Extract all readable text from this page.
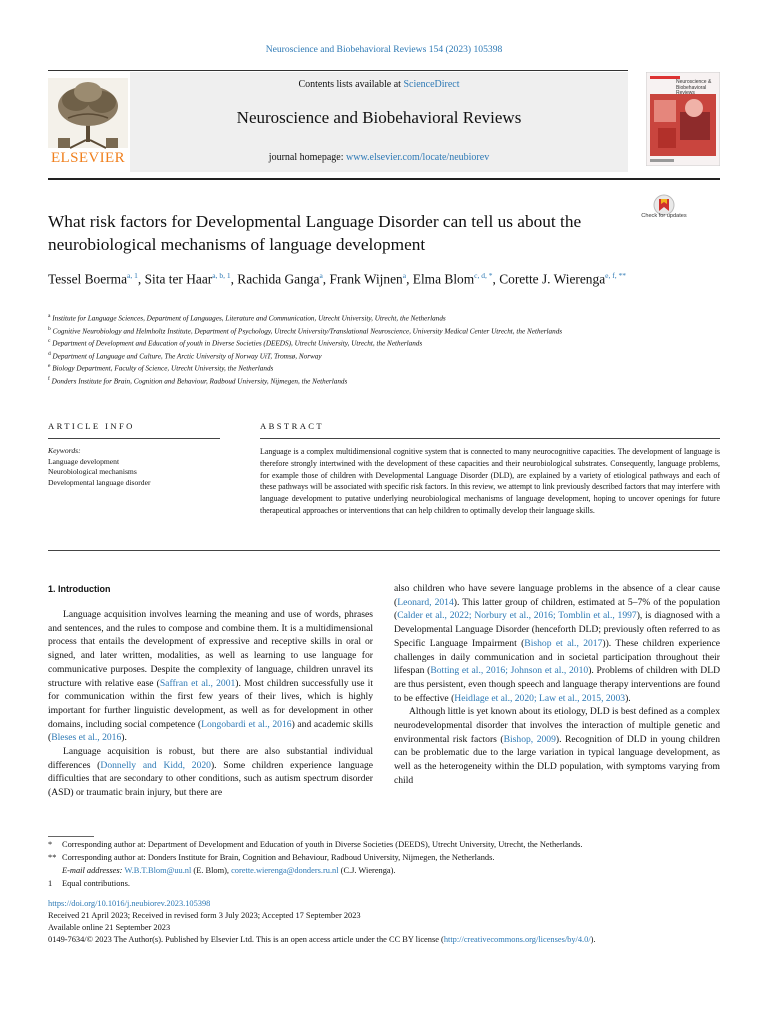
Neuroscience and Biobehavioral Reviews 154 (2023) 105398
ELSEVIER
Contents lists available at ScienceDirect
Neuroscience and Biobehavioral Reviews
journal homepage: www.elsevier.com/locate/neubiorev
Neuroscience & Biobehavioral Reviews
What risk factors for Developmental Language Disorder can tell us about the neurobiological mechanisms of language development
Check for updates
Tessel Boerma$^{a, 1}$, Sita ter Haar$^{a, b, 1}$, Rachida Ganga$^a$, Frank Wijnen$^a$, Elma Blom$^{c, d, *}$, Corette J. Wierenga$^{e, f, **}$
$^a$ Institute for Language Sciences, Department of Languages, Literature and Communication, Utrecht University, Utrecht, the Netherlands
$^b$ Cognitive Neurobiology and Helmholtz Institute, Department of Psychology, Utrecht University/Translational Neuroscience, University Medical Center Utrecht, the Netherlands
$^c$ Department of Development and Education of youth in Diverse Societies (DEEDS), Utrecht University, Utrecht, the Netherlands
$^d$ Department of Language and Culture, The Arctic University of Norway UiT, Tromsø, Norway
$^e$ Biology Department, Faculty of Science, Utrecht University, the Netherlands
$^f$ Donders Institute for Brain, Cognition and Behaviour, Radboud University, Nijmegen, the Netherlands
ARTICLE INFO
Keywords:
Language development
Neurobiological mechanisms
Developmental language disorder
ABSTRACT
Language is a complex multidimensional cognitive system that is connected to many neurocognitive capacities. The development of language is therefore strongly intertwined with the development of these capacities and their neurobiological substrates. Consequently, language problems, for example those of children with Developmental Language Disorder (DLD), are explained by a variety of etiological pathways and each of these pathways will be associated with specific risk factors. In this review, we attempt to link previously described factors that may interfere with language development to putative underlying neurobiological mechanisms of language development, hoping to uncover openings for future therapeutical approaches or interventions that can help children to optimally develop their language skills.
1. Introduction

Language acquisition involves learning the meaning and use of words, phrases and sentences, and the rules to compose and combine them. It is a multidimensional process that entails the development of expressive and receptive skills in oral or signed, and later written, modalities, as well as learning to use language for communicative purposes. Despite the complexity of language, children unravel its structure with relative ease (Saffran et al., 2001). Most children successfully use it for communication within the first few years of their lives, which is highly important for further linguistic development, as well as for development in other domains, including social competence (Longobardi et al., 2016) and academic skills (Bleses et al., 2016).

Language acquisition is robust, but there are also substantial individual differences (Donnelly and Kidd, 2020). Some children experience language difficulties that are secondary to other conditions, such as autism spectrum disorder (ASD) or traumatic brain injury, but there are

also children who have severe language problems in the absence of a clear cause (Leonard, 2014). This latter group of children, estimated at 5–7% of the population (Calder et al., 2022; Norbury et al., 2016; Tomblin et al., 1997), is diagnosed with a Developmental Language Disorder (henceforth DLD; previously often referred to as Specific Language Impairment (Bishop et al., 2017)). These children experience challenges in daily communication and in societal participation throughout their lifespan (Botting et al., 2016; Johnson et al., 2010). Problems of children with DLD are thus persistent, even though speech and language therapy interventions are found to be effective (Heidlage et al., 2020; Law et al., 2015, 2003).

Although little is yet known about its etiology, DLD is best defined as a complex neurodevelopmental disorder that involves the interaction of multiple genetic and environmental risk factors (Bishop, 2009). Recognition of DLD in young children can be problematic due to the large variation in typical language development, as well as the heterogeneity within the DLD population, with symptoms varying from child

* Corresponding author at: Department of Development and Education of youth in Diverse Societies (DEEDS), Utrecht University, Utrecht, the Netherlands.
** Corresponding author at: Donders Institute for Brain, Cognition and Behaviour, Radboud University, Nijmegen, the Netherlands.
E-mail addresses: W.B.T.Blom@uu.nl (E. Blom), corette.wierenga@donders.ru.nl (C.J. Wierenga).
1 Equal contributions.
https://doi.org/10.1016/j.neubiorev.2023.105398
Received 21 April 2023; Received in revised form 3 July 2023; Accepted 17 September 2023
Available online 21 September 2023
0149-7634/© 2023 The Author(s). Published by Elsevier Ltd. This is an open access article under the CC BY license (http://creativecommons.org/licenses/by/4.0/).
